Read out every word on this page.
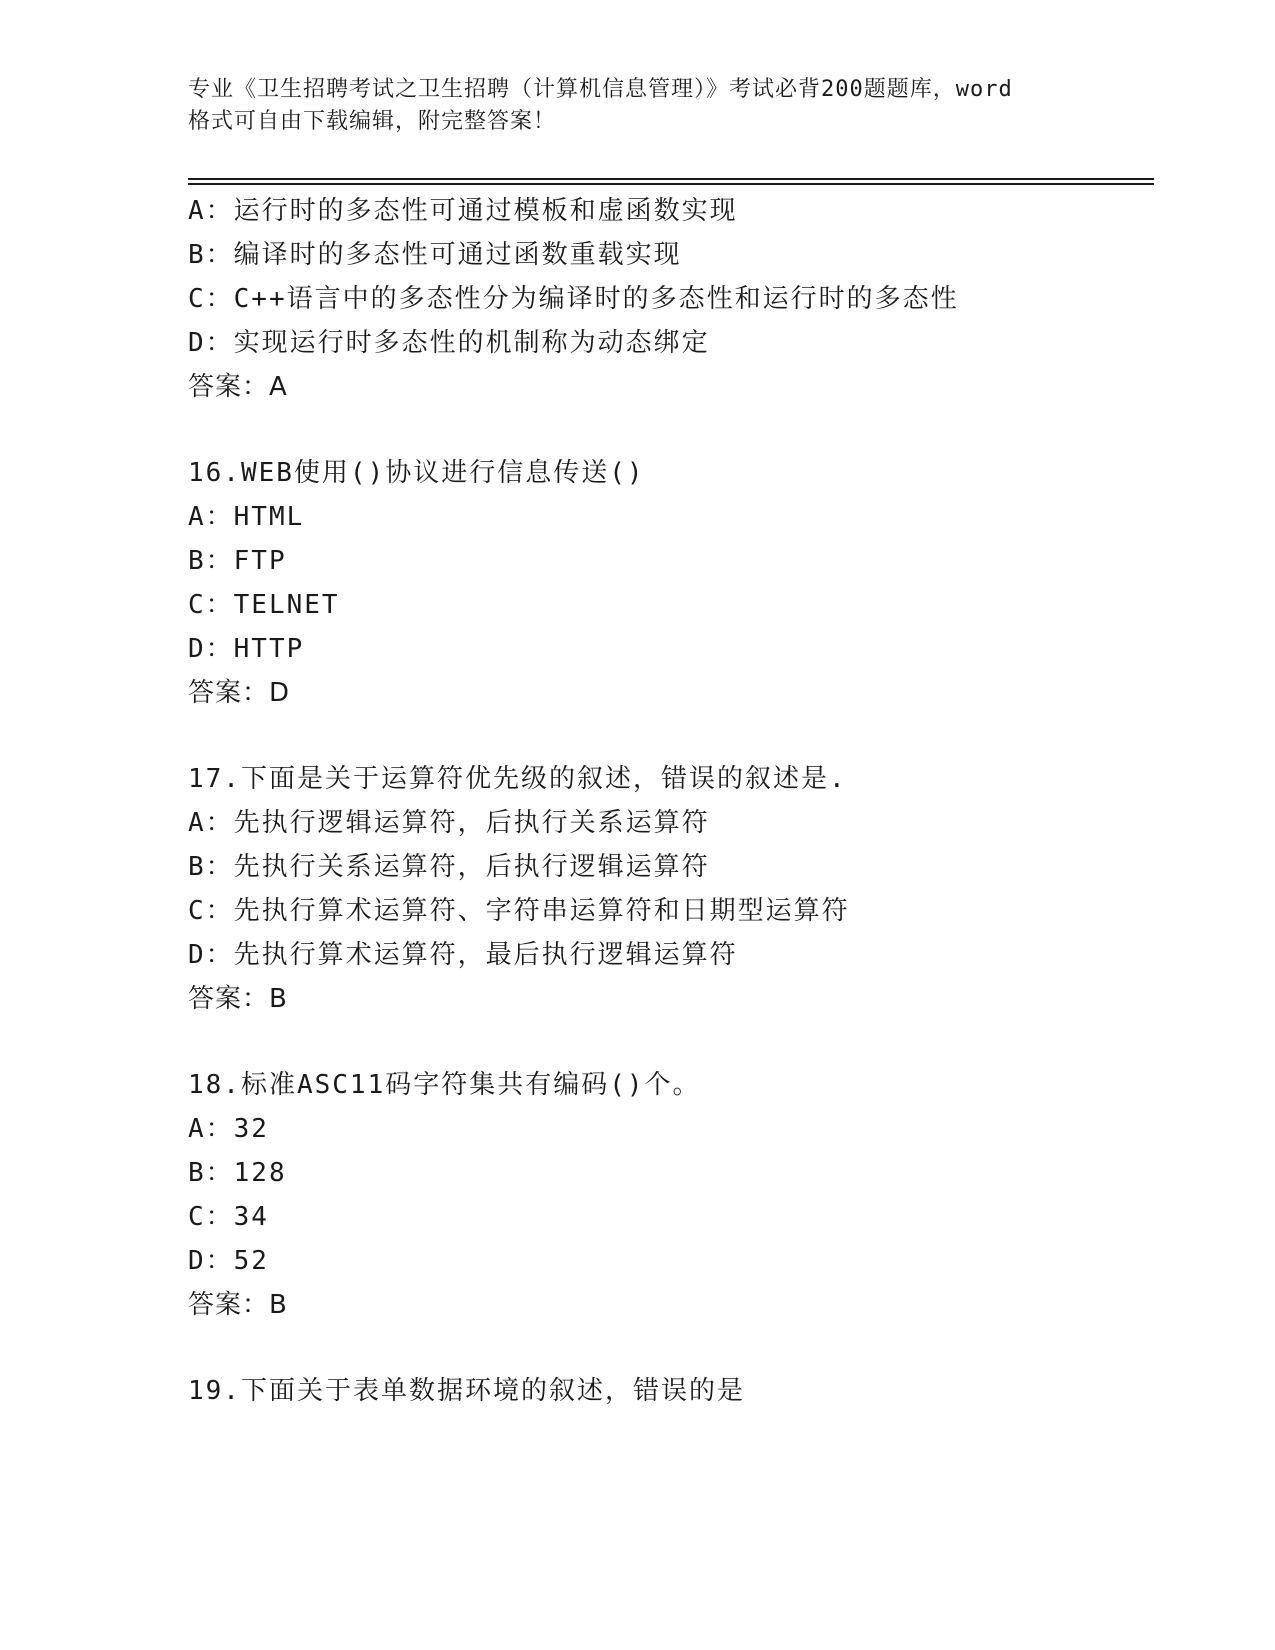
专业《卫生招聘考试之卫生招聘（计算机信息管理）》考试必背200题题库，word
格式可自由下载编辑，附完整答案！
A：运行时的多态性可通过模板和虚函数实现
B：编译时的多态性可通过函数重载实现
C：C++语言中的多态性分为编译时的多态性和运行时的多态性
D：实现运行时多态性的机制称为动态绑定
答案：A
16.WEB使用()协议进行信息传送()
A：HTML
B：FTP
C：TELNET
D：HTTP
答案：D
17.下面是关于运算符优先级的叙述，错误的叙述是.
A：先执行逻辑运算符，后执行关系运算符
B：先执行关系运算符，后执行逻辑运算符
C：先执行算术运算符、字符串运算符和日期型运算符
D：先执行算术运算符，最后执行逻辑运算符
答案：B
18.标准ASC11码字符集共有编码()个。
A：32
B：128
C：34
D：52
答案：B
19.下面关于表单数据环境的叙述，错误的是
